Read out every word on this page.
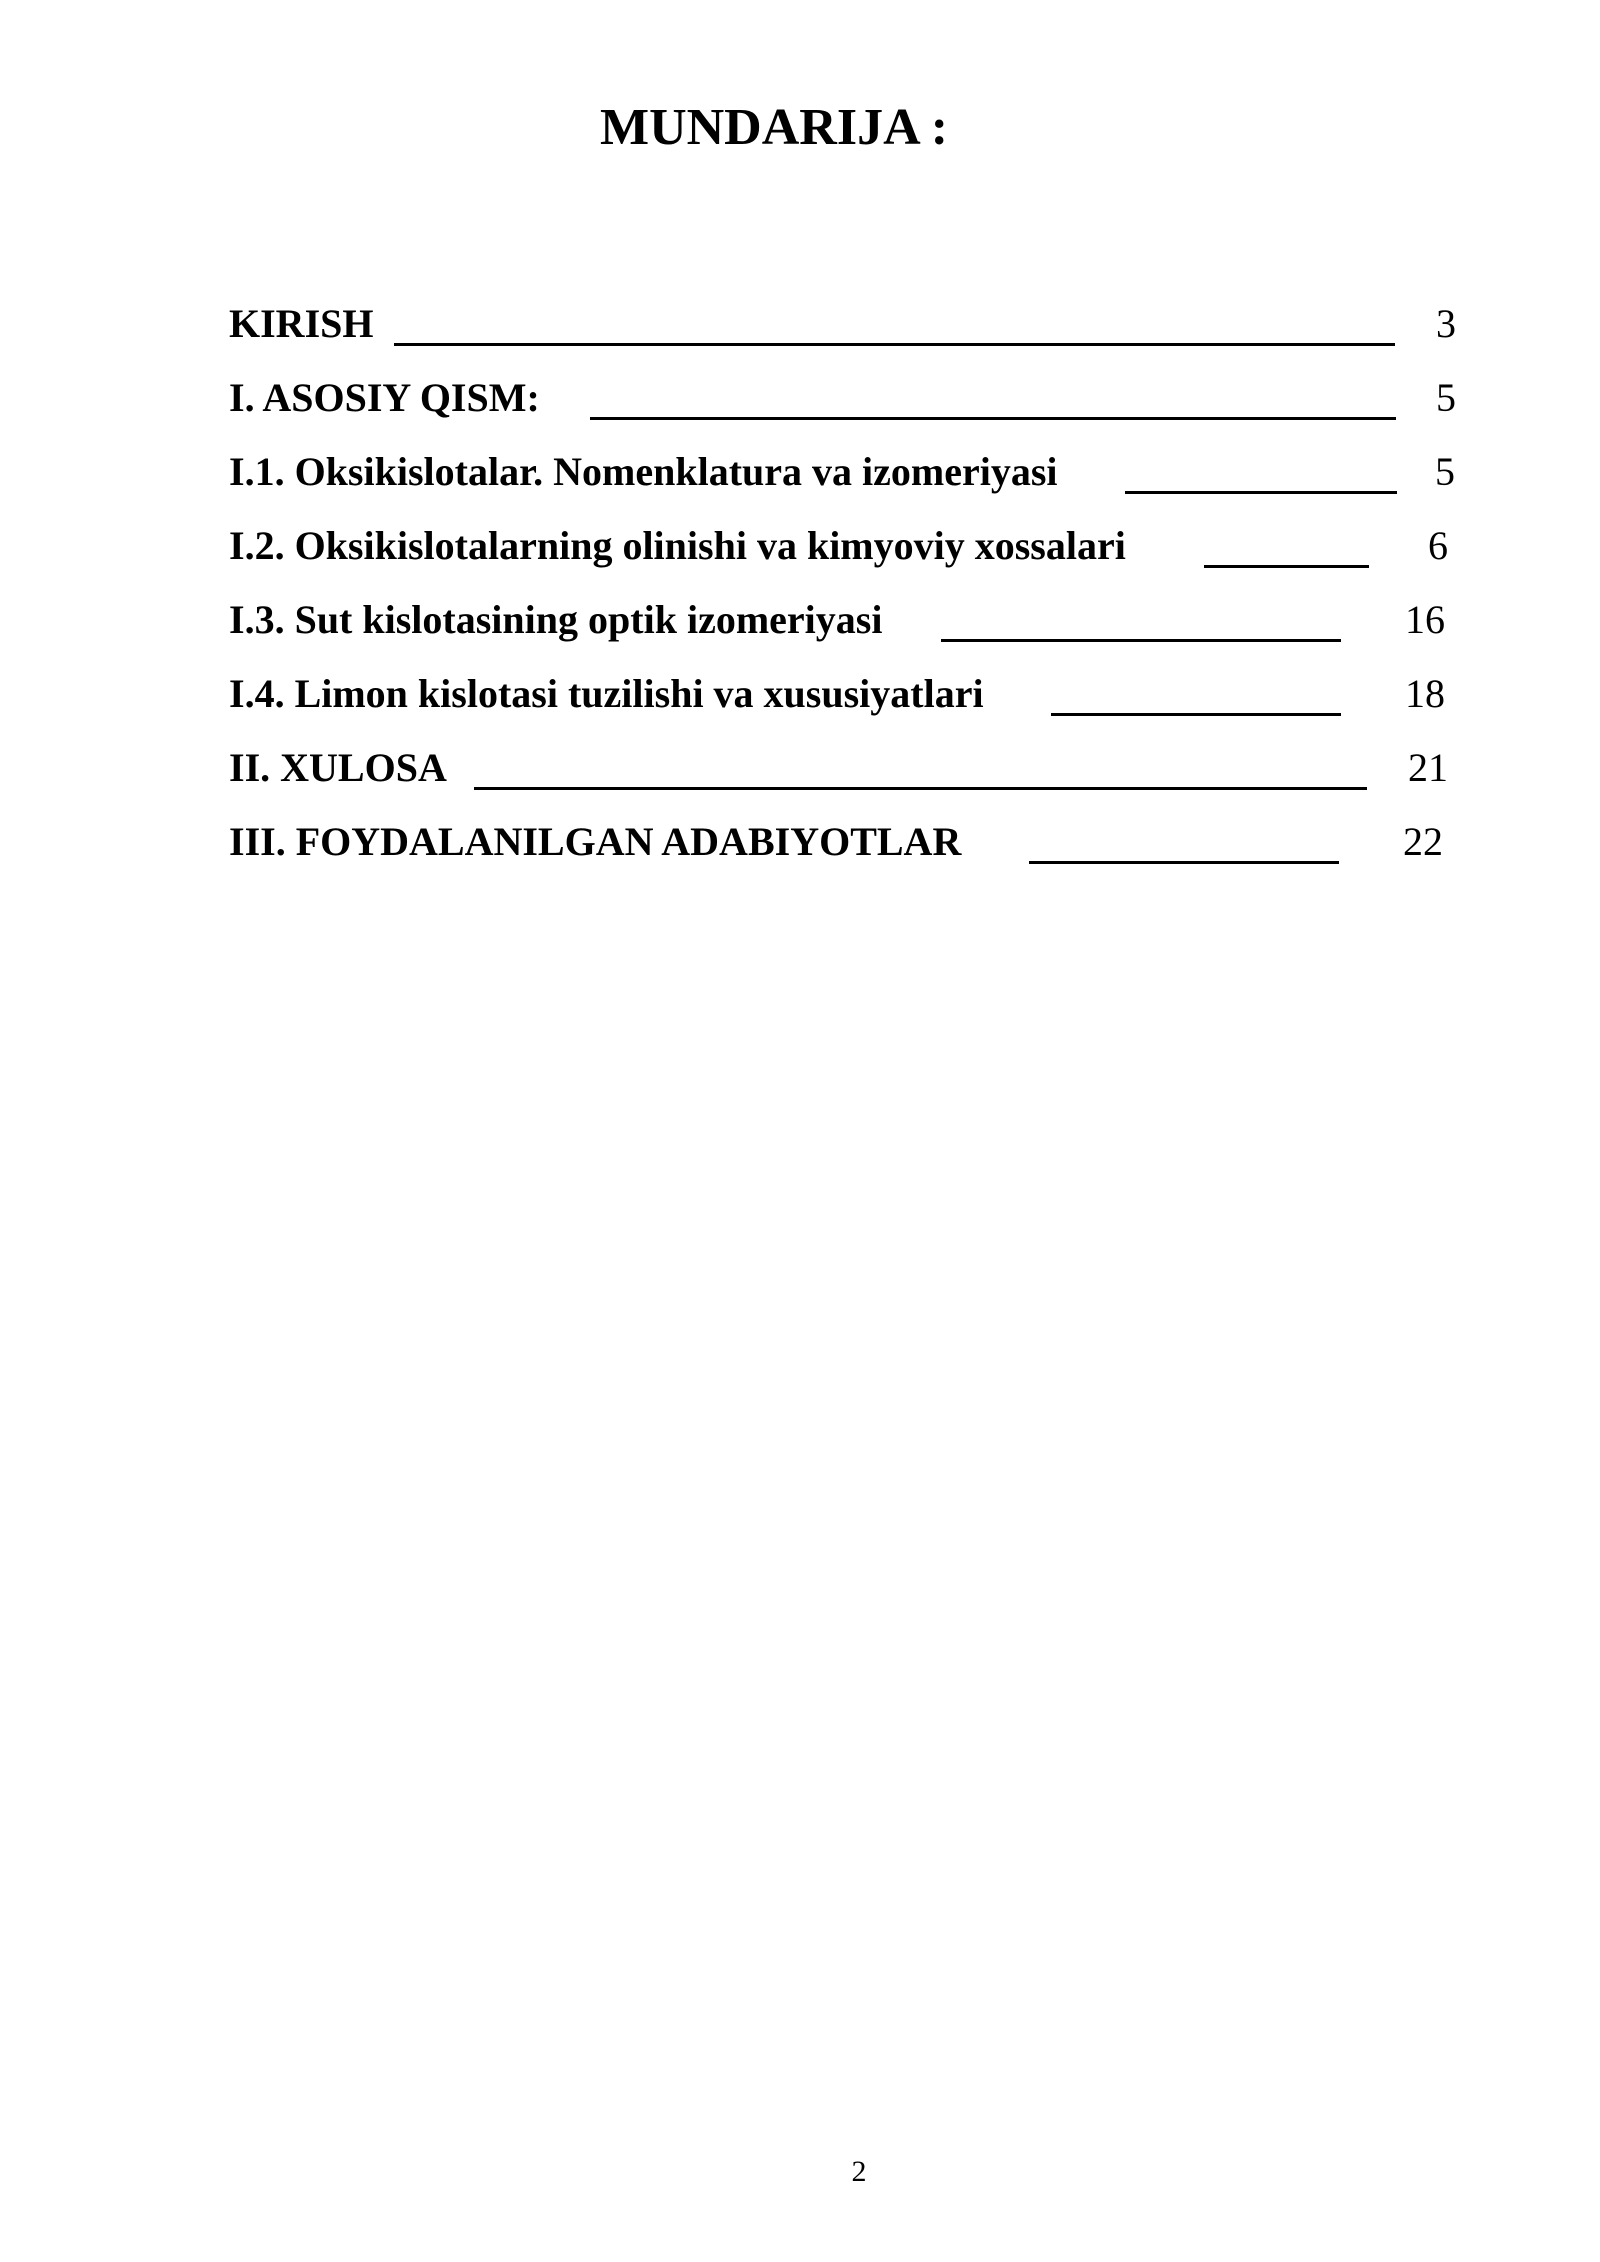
MUNDARIJA :
KIRISH	3
I. ASOSIY QISM:	5
I.1. Oksikislotalar. Nomenklatura va izomeriyasi	5
I.2. Oksikislotalarning olinishi va kimyoviy xossalari	6
I.3. Sut kislotasining optik izomeriyasi	16
I.4. Limon kislotasi tuzilishi va xususiyatlari	18
II. XULOSA	21
III. FOYDALANILGAN ADABIYOTLAR	22
2
